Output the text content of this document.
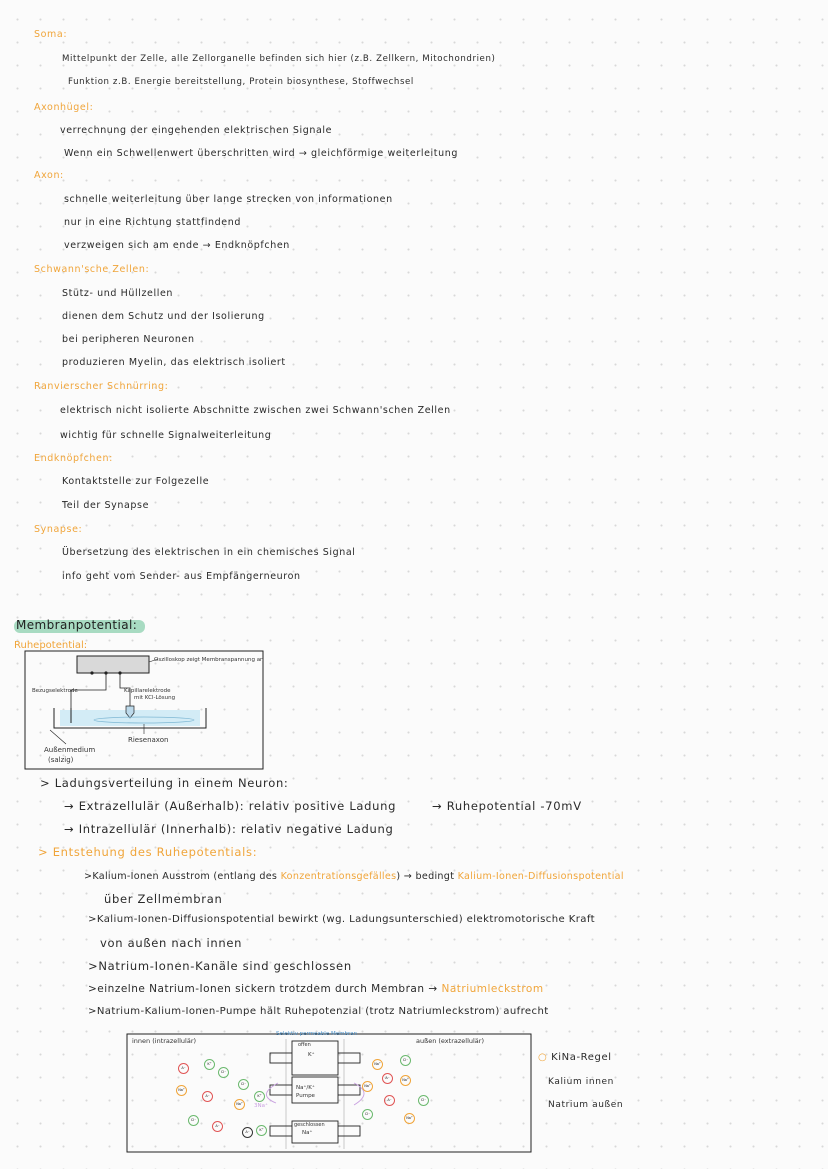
Soma:
Mittelpunkt der Zelle, alle Zellorganelle befinden sich hier (z.B. Zellkern, Mitochondrien)
Funktion z.B. Energie bereitstellung, Protein biosynthese, Stoffwechsel
Axonhügel:
verrechnung der eingehenden elektrischen Signale
Wenn ein Schwellenwert überschritten wird → gleichförmige weiterleitung
Axon:
schnelle weiterleitung über lange strecken von informationen
nur in eine Richtung stattfindend
verzweigen sich am ende → Endknöpfchen
Schwann'sche Zellen:
Stütz- und Hüllzellen
dienen dem Schutz und der Isolierung
bei peripheren Neuronen
produzieren Myelin, das elektrisch isoliert
Ranvierscher Schnürring:
elektrisch nicht isolierte Abschnitte zwischen zwei Schwann'schen Zellen
wichtig für schnelle Signalweiterleitung
Endknöpfchen:
Kontaktstelle zur Folgezelle
Teil der Synapse
Synapse:
Übersetzung des elektrischen in ein chemisches Signal
info geht vom Sender- aus Empfängerneuron
Membranpotential:
Ruhepotential:
Oszilloskop zeigt Membranspannung an
Bezugselektrode	Kapillarelektrode
mit KCl-Lösung
Riesenaxon
Außenmedium
(salzig)
> Ladungsverteilung in einem Neuron:
→ Extrazellulär (Außerhalb): relativ positive Ladung
→ Intrazellulär (Innerhalb): relativ negative Ladung
→ Ruhepotential -70mV
> Entstehung des Ruhepotentials:
>Kalium-Ionen Ausstrom (entlang des Konzentrationsgefälles) → bedingt Kalium-Ionen-Diffusionspotential
über Zellmembran
>Kalium-Ionen-Diffusionspotential bewirkt (wg. Ladungsunterschied) elektromotorische Kraft
von außen nach innen
>Natrium-Ionen-Kanäle sind geschlossen
>einzelne Natrium-Ionen sickern trotzdem durch Membran → Natriumleckstrom
>Natrium-Kalium-Ionen-Pumpe hält Ruhepotenzial (trotz Natriumleckstrom) aufrecht
innen (intrazellulär)	außen (extrazellulär)
Selektiv permeable Membran
offen
K⁺
Na⁺/K⁺
Pumpe
geschlossen
Na⁺
3Na⁺
A⁻
K⁺
Cl⁻
Na⁺
A⁻
Cl⁻
K⁺
Cl⁻
A⁻
Na⁺
A⁻	K⁺
Na⁺
Cl⁻
A⁻	Na⁺
Na⁺
A⁻	Cl⁻
Cl⁻
Na⁺
○ KiNa-Regel
Kalium innen
Natrium außen
